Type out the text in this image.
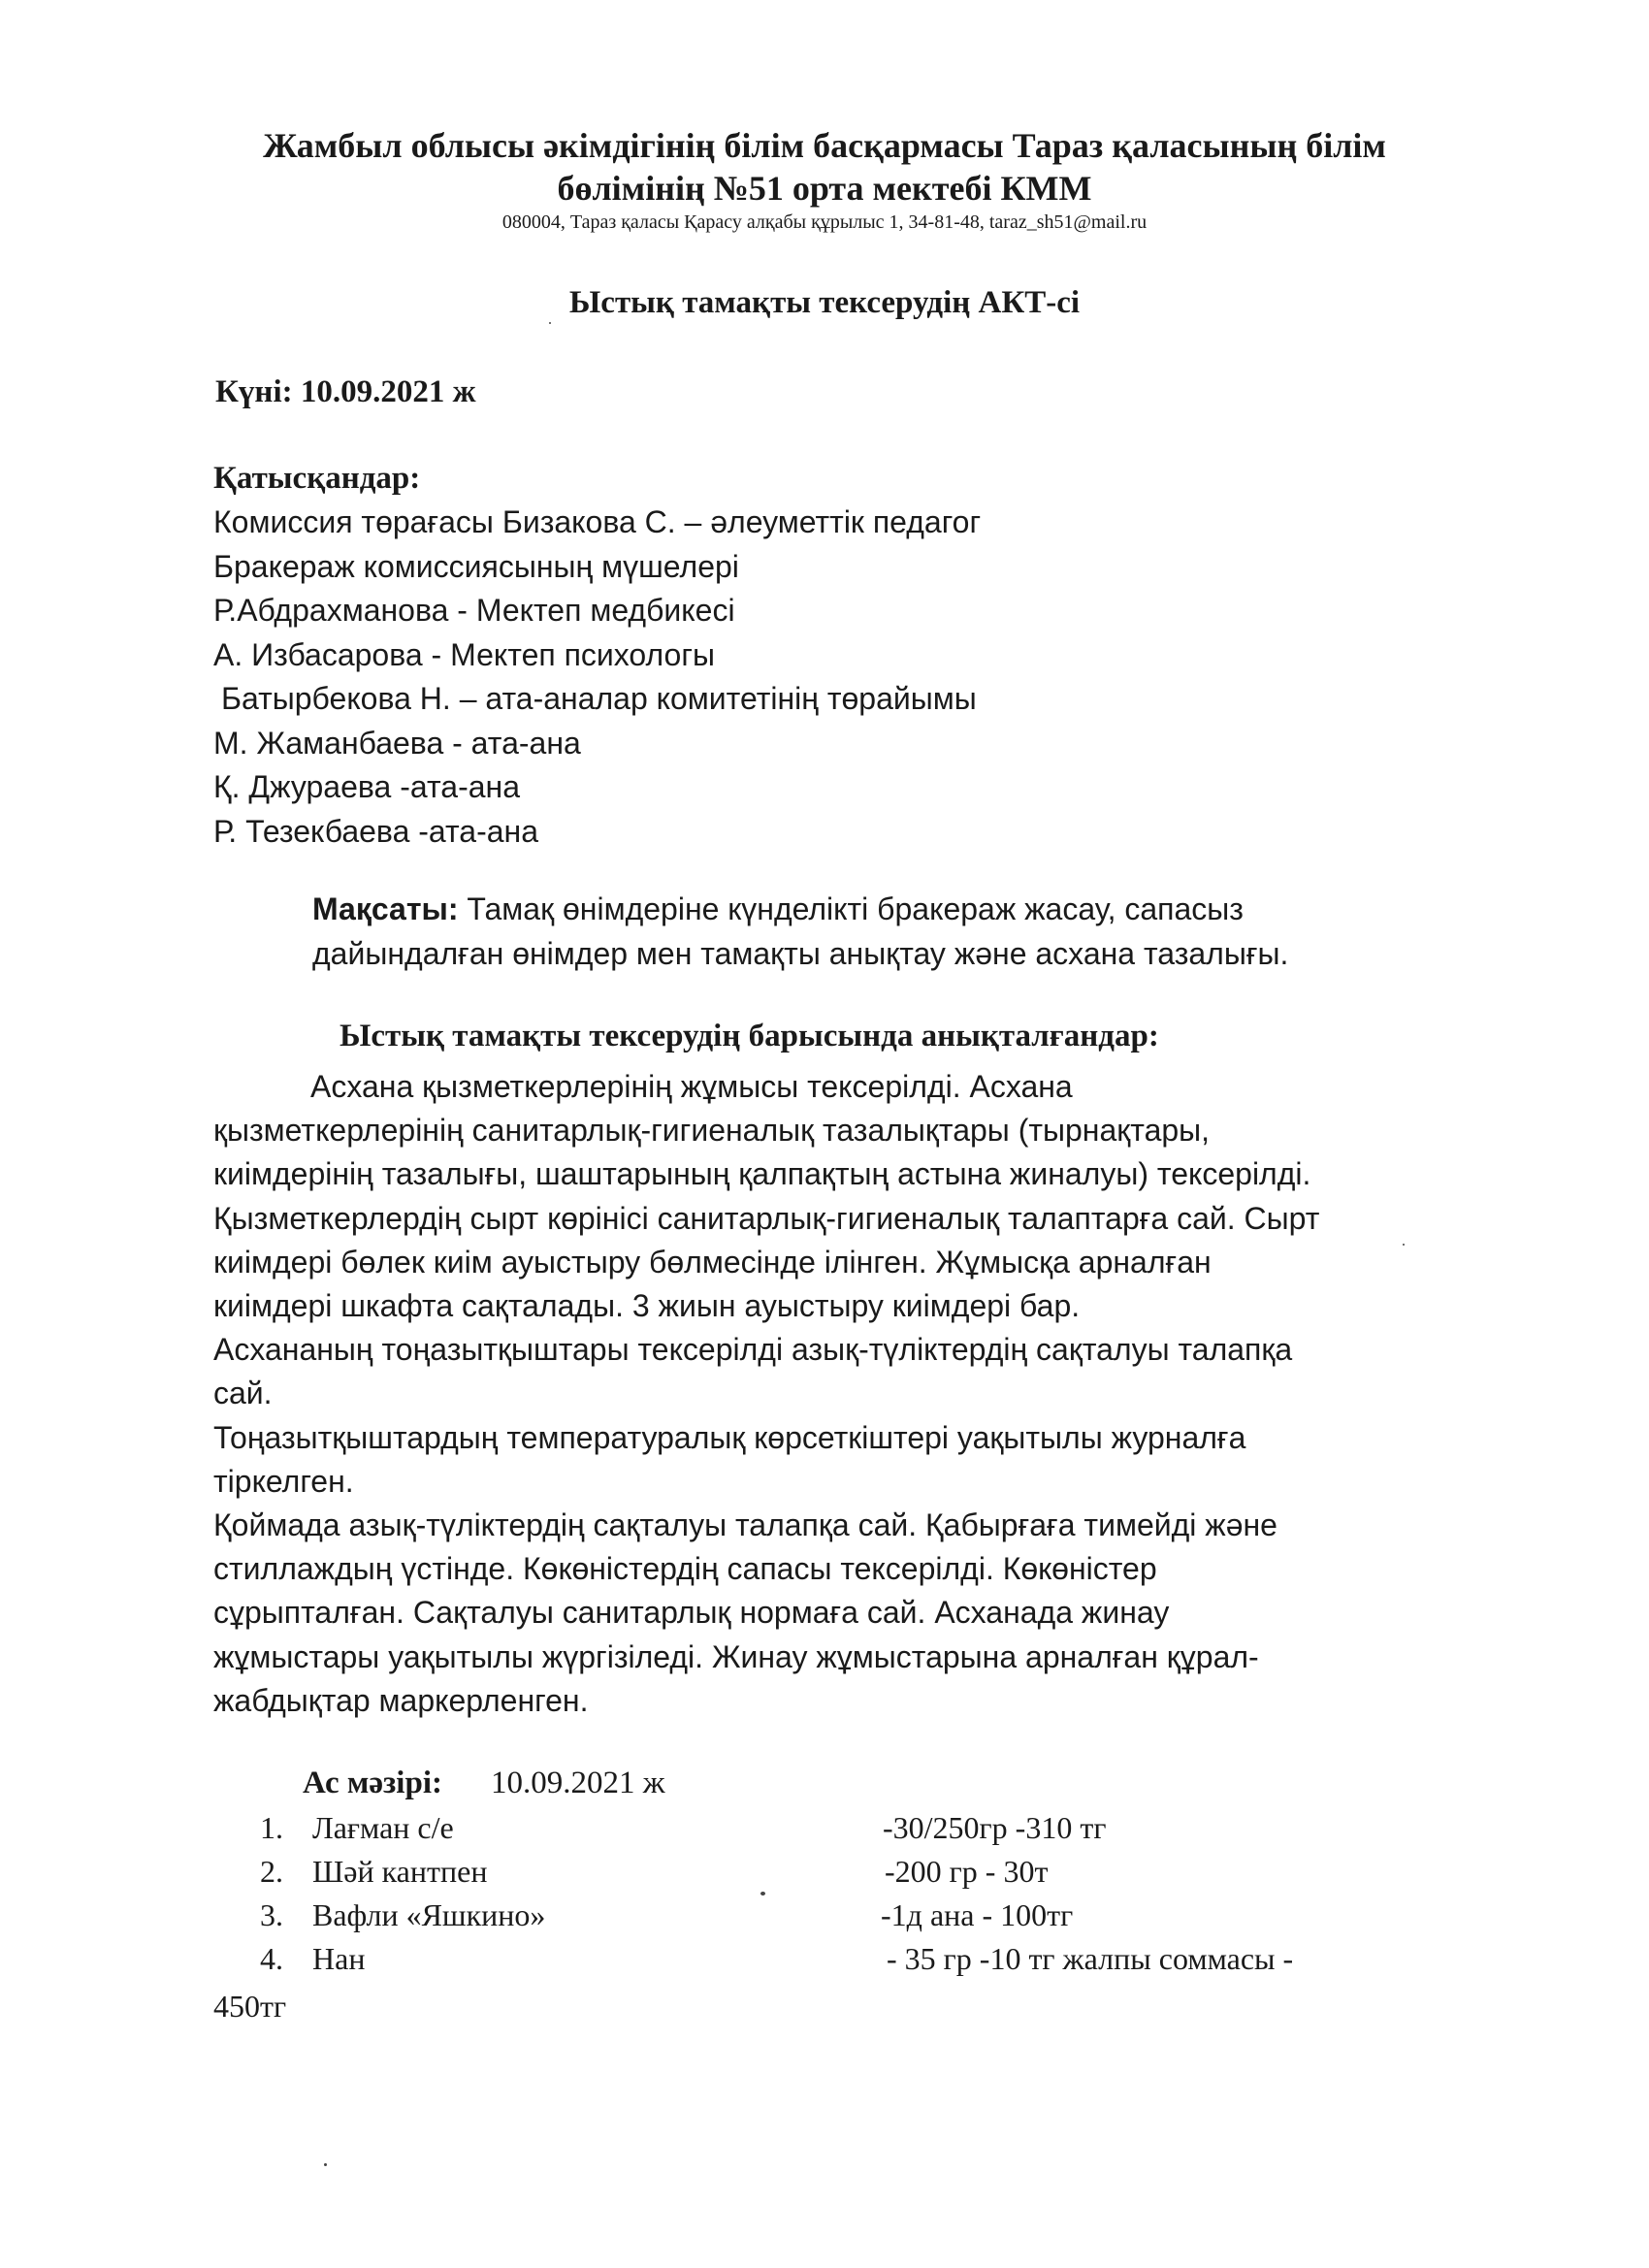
Жамбыл облысы әкімдігінің білім басқармасы Тараз қаласының білім
бөлімінің №51 орта мектебі КММ
080004, Тараз қаласы Қарасу алқабы құрылыс 1, 34-81-48, taraz_sh51@mail.ru
Ыстық тамақты тексерудің АКТ-сі
Күні: 10.09.2021 ж
Қатысқандар:
Комиссия төрағасы Бизакова С. – әлеуметтік педагог
Бракераж комиссиясының мүшелері
Р.Абдрахманова - Мектеп медбикесі
А. Избасарова - Мектеп психологы
Батырбекова Н. – ата-аналар комитетінің төрайымы
М. Жаманбаева - ата-ана
Қ. Джураева -ата-ана
Р. Тезекбаева -ата-ана
Мақсаты: Тамақ өнімдеріне күнделікті бракераж жасау, сапасыз
дайындалған өнімдер мен тамақты анықтау және асхана тазалығы.
Ыстық тамақты тексерудің барысында анықталғандар:
Асхана қызметкерлерінің жұмысы тексерілді. Асхана
қызметкерлерінің санитарлық-гигиеналық тазалықтары (тырнақтары,
киімдерінің тазалығы, шаштарының қалпақтың астына жиналуы) тексерілді.
Қызметкерлердің сырт көрінісі санитарлық-гигиеналық талаптарға сай. Сырт
киімдері бөлек киім ауыстыру бөлмесінде ілінген. Жұмысқа арналған
киімдері шкафта сақталады. 3 жиын ауыстыру киімдері бар.
Асхананың тоңазытқыштары тексерілді азық-түліктердің сақталуы талапқа
сай.
Тоңазытқыштардың температуралық көрсеткіштері уақытылы журналға
тіркелген.
Қоймада азық-түліктердің сақталуы талапқа сай. Қабырғаға тимейді және
стиллаждың үстінде. Көкөністердің сапасы тексерілді. Көкөністер
сұрыпталған. Сақталуы санитарлық нормаға сай. Асханада жинау
жұмыстары уақытылы жүргізіледі. Жинау жұмыстарына арналған құрал-
жабдықтар маркерленген.
Ас мәзірі: 10.09.2021 ж
1. Лағман с/е	-30/250гр -310 тг
2. Шәй кантпен	-200 гр - 30т
3. Вафли «Яшкино»	-1д ана - 100тг
4. Нан	- 35 гр -10 тг жалпы соммасы -
450тг
